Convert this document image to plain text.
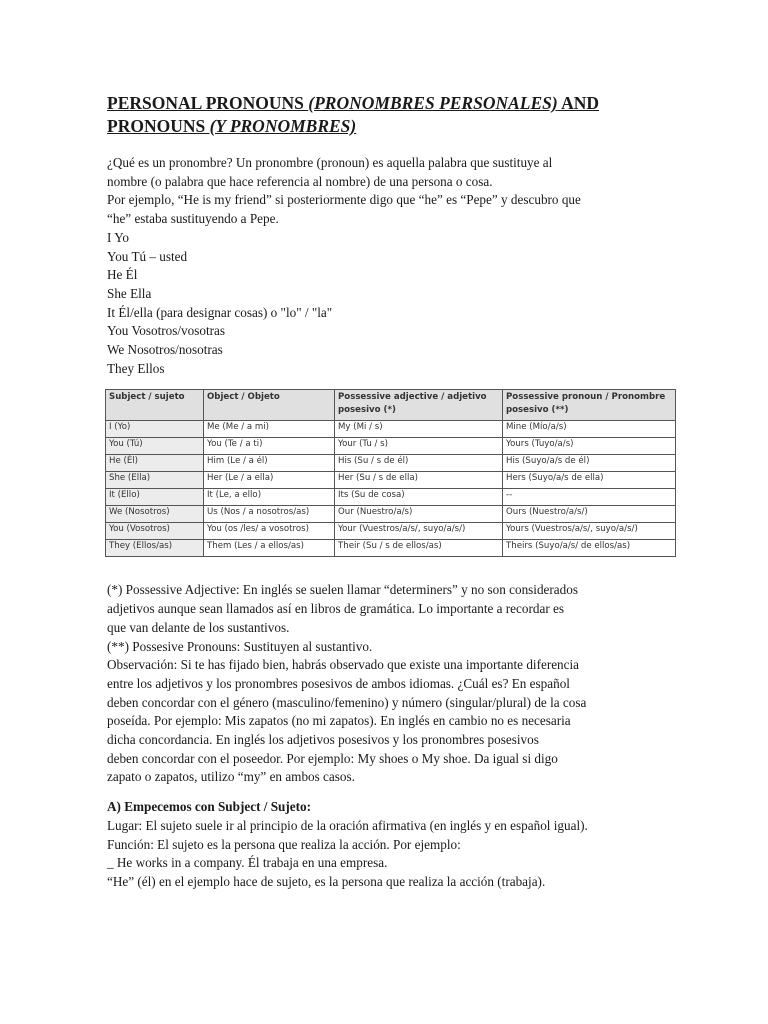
PERSONAL PRONOUNS (PRONOMBRES PERSONALES) AND
PRONOUNS (Y PRONOMBRES)

¿Qué es un pronombre? Un pronombre (pronoun) es aquella palabra que sustituye al

nombre (o palabra que hace referencia al nombre) de una persona o cosa.

Por ejemplo, “He is my friend” si posteriormente digo que “he” es “Pepe” y descubro que

“he” estaba sustituyendo a Pepe.

I Yo

You Tú – usted

He Él

She Ella

It Él/ella (para designar cosas) o "lo" / "la"

You Vosotros/vosotras

We Nosotros/nosotras

They Ellos

Subject / sujeto	Object / Objeto	Possessive adjective / adjetivo posesivo (*)	Possessive pronoun / Pronombre posesivo (**)
I (Yo)	Me (Me / a mi)	My (Mi / s)	Mine (Mío/a/s)
You (Tú)	You (Te / a ti)	Your (Tu / s)	Yours (Tuyo/a/s)
He (Él)	Him (Le / a él)	His (Su / s de él)	His (Suyo/a/s de él)
She (Ella)	Her (Le / a ella)	Her (Su / s de ella)	Hers (Suyo/a/s de ella)
It (Ello)	It (Le, a ello)	Its (Su de cosa)	--
We (Nosotros)	Us (Nos / a nosotros/as)	Our (Nuestro/a/s)	Ours (Nuestro/a/s/)
You (Vosotros)	You (os /les/ a vosotros)	Your (Vuestros/a/s/, suyo/a/s/)	Yours (Vuestros/a/s/, suyo/a/s/)
They (Ellos/as)	Them (Les / a ellos/as)	Their (Su / s de ellos/as)	Theirs (Suyo/a/s/ de ellos/as)

(*) Possessive Adjective: En inglés se suelen llamar “determiners” y no son considerados

adjetivos aunque sean llamados así en libros de gramática. Lo importante a recordar es

que van delante de los sustantivos.

(**) Possesive Pronouns: Sustituyen al sustantivo.

Observación: Si te has fijado bien, habrás observado que existe una importante diferencia

entre los adjetivos y los pronombres posesivos de ambos idiomas. ¿Cuál es? En español

deben concordar con el género (masculino/femenino) y número (singular/plural) de la cosa

poseída. Por ejemplo: Mis zapatos (no mi zapatos). En inglés en cambio no es necesaria

dicha concordancia. En inglés los adjetivos posesivos y los pronombres posesivos

deben concordar con el poseedor. Por ejemplo: My shoes o My shoe. Da igual si digo

zapato o zapatos, utilizo “my” en ambos casos.

A) Empecemos con Subject / Sujeto:

Lugar: El sujeto suele ir al principio de la oración afirmativa (en inglés y en español igual).

Función: El sujeto es la persona que realiza la acción. Por ejemplo:

_ He works in a company. Él trabaja en una empresa.

“He” (él) en el ejemplo hace de sujeto, es la persona que realiza la acción (trabaja).
